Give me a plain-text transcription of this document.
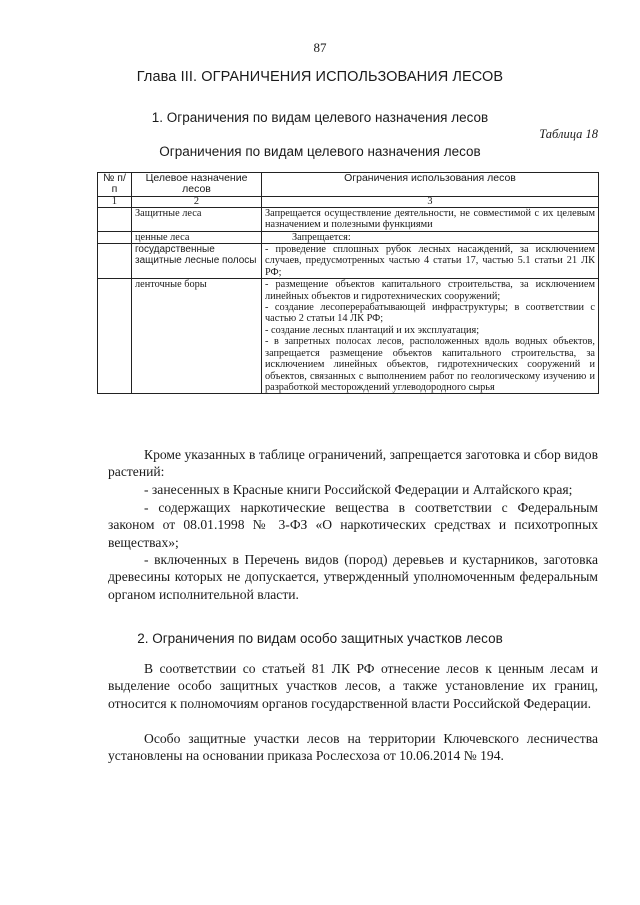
87
Глава III. ОГРАНИЧЕНИЯ ИСПОЛЬЗОВАНИЯ ЛЕСОВ
1. Ограничения по видам целевого назначения лесов
Таблица 18
Ограничения по видам целевого назначения лесов
№ п/п	Целевое назначение лесов	Ограничения использования лесов
1	2	3
	Защитные леса	Запрещается осуществление деятельности, не совместимой с их целевым назначением и полезными функциями
	ценные леса	Запрещается:
	государственные защитные лесные полосы	- проведение сплошных рубок лесных насаждений, за исключением случаев, предусмотренных частью 4 статьи 17, частью 5.1 статьи 21 ЛК РФ;
	ленточные боры	- размещение объектов капитального строительства, за исключением линейных объектов и гидротехнических сооружений;
- создание лесоперерабатывающей инфраструктуры; в соответствии с частью 2 статьи 14 ЛК РФ;
- создание лесных плантаций и их эксплуатация;
- в запретных полосах лесов, расположенных вдоль водных объектов, запрещается размещение объектов капитального строительства, за исключением линейных объектов, гидротехнических сооружений и объектов, связанных с выполнением работ по геологическому изучению и разработкой месторождений углеводородного сырья

Кроме указанных в таблице ограничений, запрещается заготовка и сбор видов растений:

- занесенных в Красные книги Российской Федерации и Алтайского края;

- содержащих наркотические вещества в соответствии с Федеральным законом от 08.01.1998 № 3-ФЗ «О наркотических средствах и психотропных веществах»;

- включенных в Перечень видов (пород) деревьев и кустарников, заготовка древесины которых не допускается, утвержденный уполномоченным федеральным органом исполнительной власти.

2. Ограничения по видам особо защитных участков лесов

В соответствии со статьей 81 ЛК РФ отнесение лесов к ценным лесам и выделение особо защитных участков лесов, а также установление их границ, относится к полномочиям органов государственной власти Российской Федерации.

Особо защитные участки лесов на территории Ключевского лесничества установлены на основании приказа Рослесхоза от 10.06.2014 № 194.
